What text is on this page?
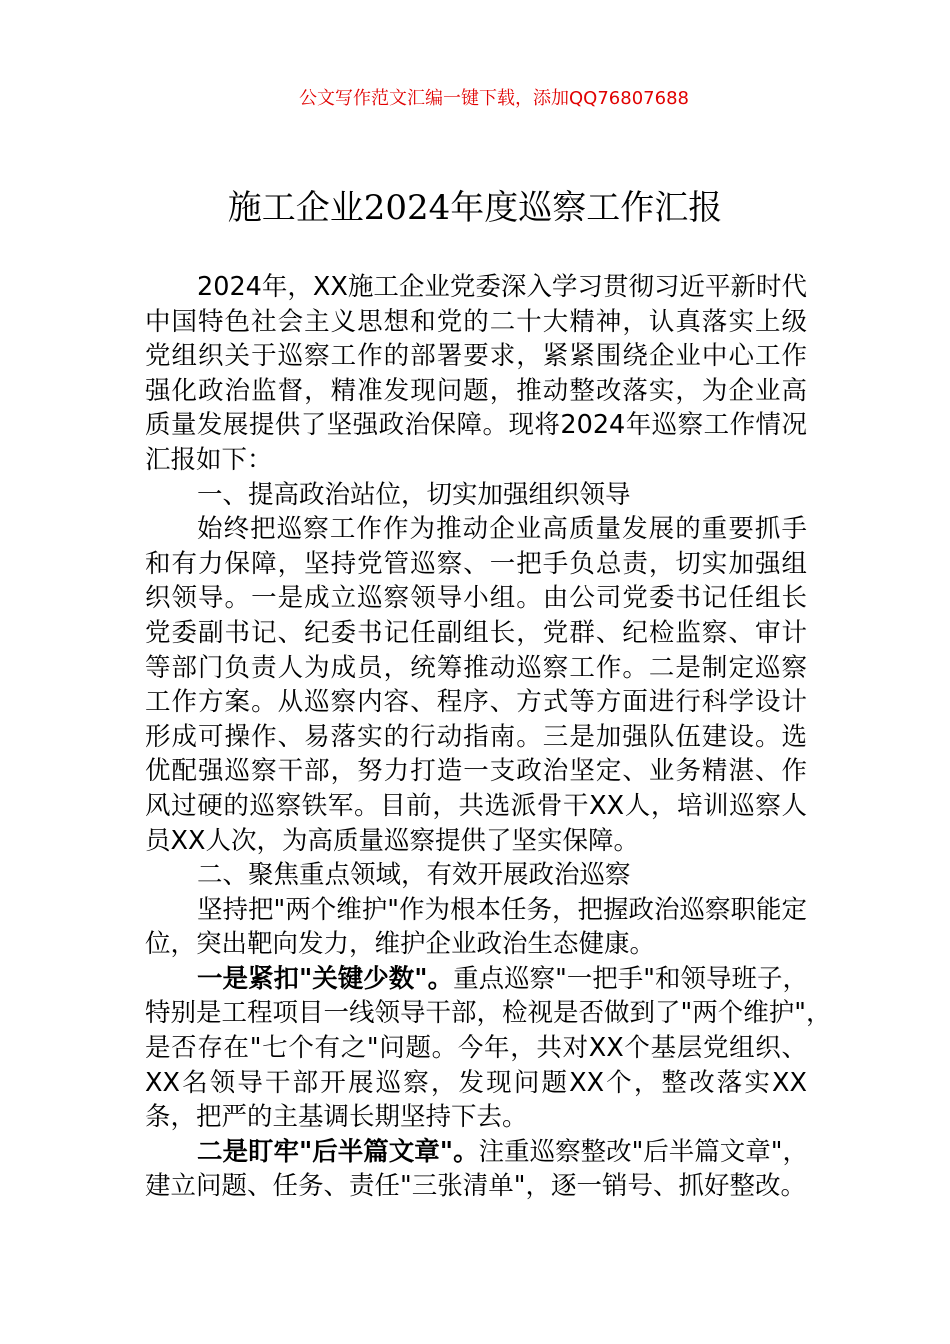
公文写作范文汇编一键下载，添加QQ76807688
施工企业2024年度巡察工作汇报
2024年，XX施工企业党委深入学习贯彻习近平新时代
中国特色社会主义思想和党的二十大精神，认真落实上级
党组织关于巡察工作的部署要求，紧紧围绕企业中心工作
强化政治监督，精准发现问题，推动整改落实，为企业高
质量发展提供了坚强政治保障。现将2024年巡察工作情况
汇报如下：
一、提高政治站位，切实加强组织领导
始终把巡察工作作为推动企业高质量发展的重要抓手
和有力保障，坚持党管巡察、一把手负总责，切实加强组
织领导。一是成立巡察领导小组。由公司党委书记任组长
党委副书记、纪委书记任副组长，党群、纪检监察、审计
等部门负责人为成员，统筹推动巡察工作。二是制定巡察
工作方案。从巡察内容、程序、方式等方面进行科学设计
形成可操作、易落实的行动指南。三是加强队伍建设。选
优配强巡察干部，努力打造一支政治坚定、业务精湛、作
风过硬的巡察铁军。目前，共选派骨干XX人，培训巡察人
员XX人次，为高质量巡察提供了坚实保障。
二、聚焦重点领域，有效开展政治巡察
坚持把"两个维护"作为根本任务，把握政治巡察职能定
位，突出靶向发力，维护企业政治生态健康。
一是紧扣"关键少数"。重点巡察"一把手"和领导班子，
特别是工程项目一线领导干部，检视是否做到了"两个维护"，
是否存在"七个有之"问题。今年，共对XX个基层党组织、
XX名领导干部开展巡察，发现问题XX个，整改落实XX
条，把严的主基调长期坚持下去。
二是盯牢"后半篇文章"。注重巡察整改"后半篇文章"，
建立问题、任务、责任"三张清单"，逐一销号、抓好整改。
